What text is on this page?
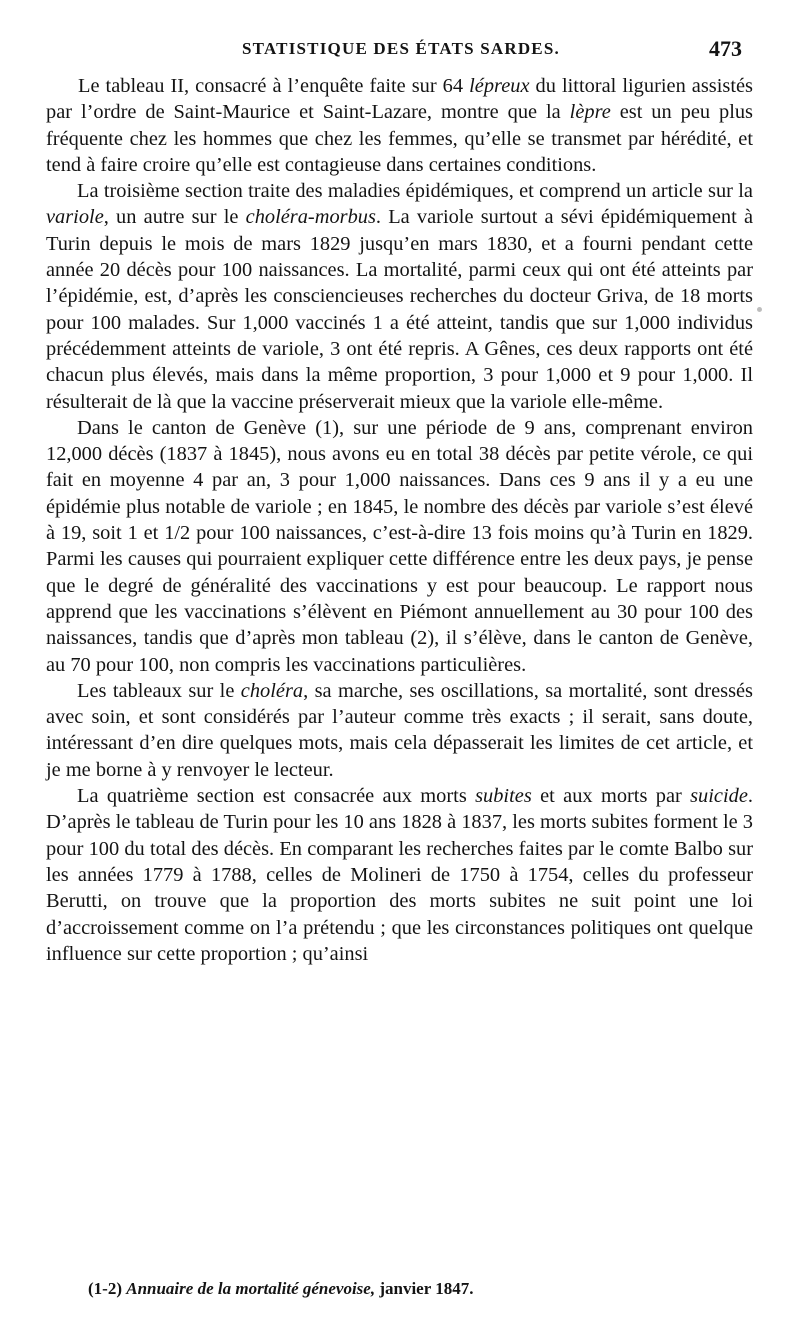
STATISTIQUE DES ÉTATS SARDES.	473

Le tableau II, consacré à l’enquête faite sur 64 lépreux du littoral ligurien assistés par l’ordre de Saint-Maurice et Saint-Lazare, montre que la lèpre est un peu plus fréquente chez les hommes que chez les femmes, qu’elle se transmet par hérédité, et tend à faire croire qu’elle est contagieuse dans certaines conditions.

La troisième section traite des maladies épidémiques, et comprend un article sur la variole, un autre sur le choléra-morbus. La variole surtout a sévi épidémiquement à Turin depuis le mois de mars 1829 jusqu’en mars 1830, et a fourni pendant cette année 20 décès pour 100 naissances. La mortalité, parmi ceux qui ont été atteints par l’épidémie, est, d’après les consciencieuses recherches du docteur Griva, de 18 morts pour 100 malades. Sur 1,000 vaccinés 1 a été atteint, tandis que sur 1,000 individus précédemment atteints de variole, 3 ont été repris. A Gênes, ces deux rapports ont été chacun plus élevés, mais dans la même proportion, 3 pour 1,000 et 9 pour 1,000. Il résulterait de là que la vaccine préserverait mieux que la variole elle-même.

Dans le canton de Genève (1), sur une période de 9 ans, comprenant environ 12,000 décès (1837 à 1845), nous avons eu en total 38 décès par petite vérole, ce qui fait en moyenne 4 par an, 3 pour 1,000 naissances. Dans ces 9 ans il y a eu une épidémie plus notable de variole ; en 1845, le nombre des décès par variole s’est élevé à 19, soit 1 et 1/2 pour 100 naissances, c’est-à-dire 13 fois moins qu’à Turin en 1829. Parmi les causes qui pourraient expliquer cette différence entre les deux pays, je pense que le degré de généralité des vaccinations y est pour beaucoup. Le rapport nous apprend que les vaccinations s’élèvent en Piémont annuellement au 30 pour 100 des naissances, tandis que d’après mon tableau (2), il s’élève, dans le canton de Genève, au 70 pour 100, non compris les vaccinations particulières.

Les tableaux sur le choléra, sa marche, ses oscillations, sa mortalité, sont dressés avec soin, et sont considérés par l’auteur comme très exacts ; il serait, sans doute, intéressant d’en dire quelques mots, mais cela dépasserait les limites de cet article, et je me borne à y renvoyer le lecteur.

La quatrième section est consacrée aux morts subites et aux morts par suicide. D’après le tableau de Turin pour les 10 ans 1828 à 1837, les morts subites forment le 3 pour 100 du total des décès. En comparant les recherches faites par le comte Balbo sur les années 1779 à 1788, celles de Molineri de 1750 à 1754, celles du professeur Berutti, on trouve que la proportion des morts subites ne suit point une loi d’accroissement comme on l’a prétendu ; que les circonstances politiques ont quelque influence sur cette proportion ; qu’ainsi

(1-2) Annuaire de la mortalité génevoise, janvier 1847.
